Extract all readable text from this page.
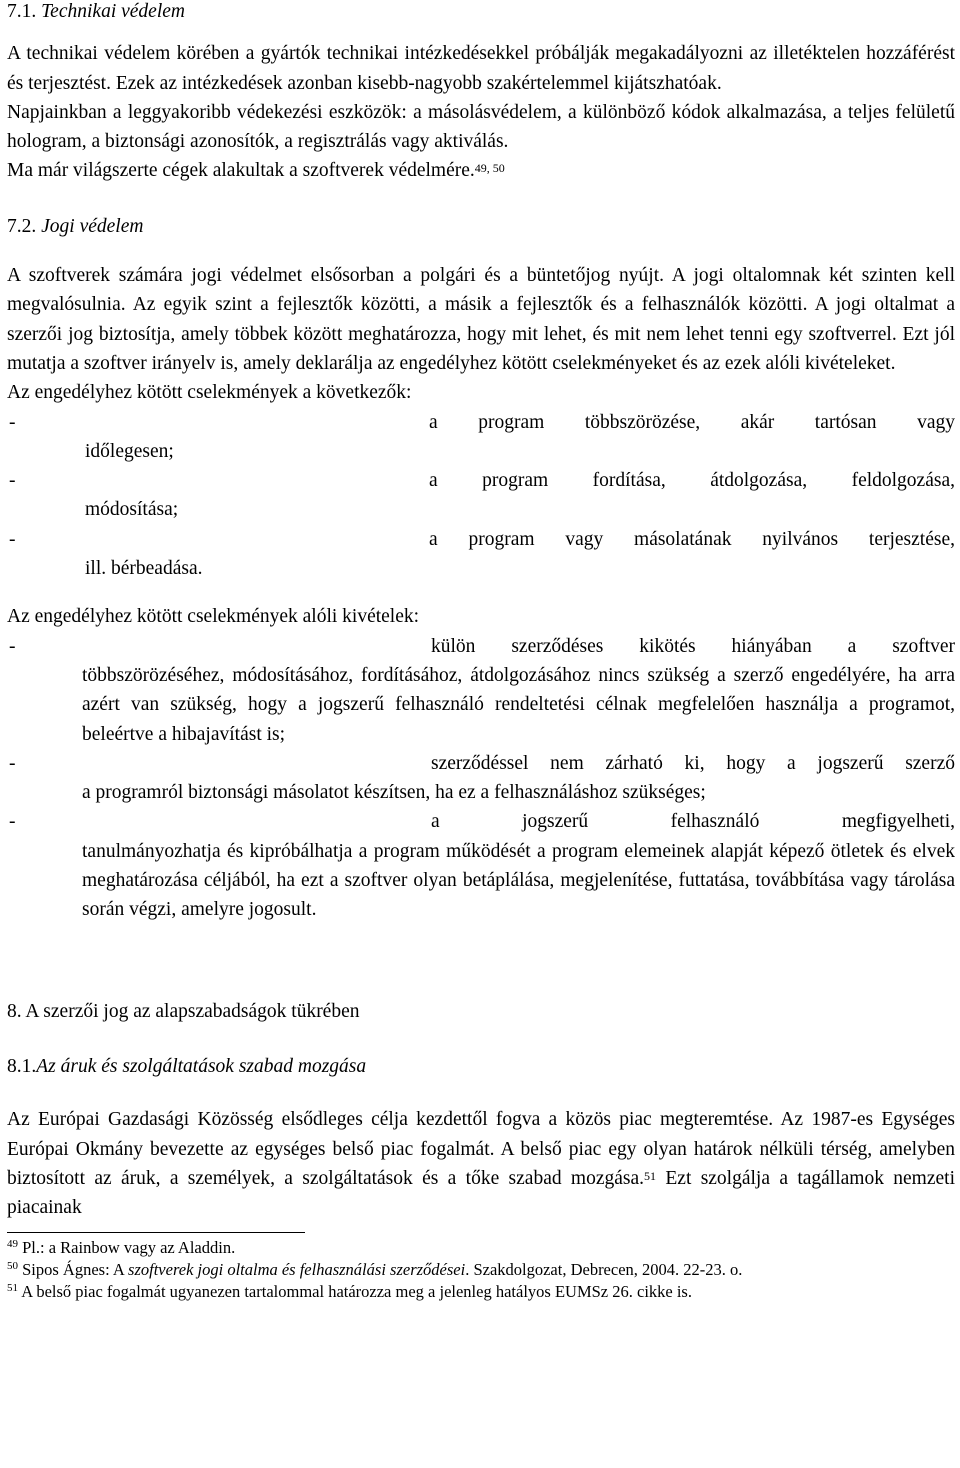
7.1. Technikai védelem

A technikai védelem körében a gyártók technikai intézkedésekkel próbálják megakadályozni az illetéktelen hozzáférést és terjesztést. Ezek az intézkedések azonban kisebb-nagyobb szakértelemmel kijátszhatóak.

Napjainkban a leggyakoribb védekezési eszközök: a másolásvédelem, a különböző kódok alkalmazása, a teljes felületű hologram, a biztonsági azonosítók, a regisztrálás vagy aktiválás.

Ma már világszerte cégek alakultak a szoftverek védelmére.$^{49, 50}$

7.2. Jogi védelem

A szoftverek számára jogi védelmet elsősorban a polgári és a büntetőjog nyújt. A jogi oltalomnak két szinten kell megvalósulnia. Az egyik szint a fejlesztők közötti, a másik a fejlesztők és a felhasználók közötti. A jogi oltalmat a szerzői jog biztosítja, amely többek között meghatározza, hogy mit lehet, és mit nem lehet tenni egy szoftverrel. Ezt jól mutatja a szoftver irányelv is, amely deklarálja az engedélyhez kötött cselekményeket és az ezek alóli kivételeket.

Az engedélyhez kötött cselekmények a következők:

-	a program többszörözése, akár tartósan vagy
időlegesen;
-	a program fordítása, átdolgozása, feldolgozása,
módosítása;
-	a program vagy másolatának nyilvános terjesztése,
ill. bérbeadása.

Az engedélyhez kötött cselekmények alóli kivételek:

-	külön szerződéses kikötés hiányában a szoftver
többszörözéséhez, módosításához, fordításához, átdolgozásához nincs szükség a szerző engedélyére, ha arra azért van szükség, hogy a jogszerű felhasználó rendeltetési célnak megfelelően használja a programot, beleértve a hibajavítást is;
-	szerződéssel nem zárható ki, hogy a jogszerű szerző
a programról biztonsági másolatot készítsen, ha ez a felhasználáshoz szükséges;
-	a jogszerű felhasználó megfigyelheti,
tanulmányozhatja és kipróbálhatja a program működését a program elemeinek alapját képező ötletek és elvek meghatározása céljából, ha ezt a szoftver olyan betáplálása, megjelenítése, futtatása, továbbítása vagy tárolása során végzi, amelyre jogosult.

8. A szerzői jog az alapszabadságok tükrében

8.1.Az áruk és szolgáltatások szabad mozgása

Az Európai Gazdasági Közösség elsődleges célja kezdettől fogva a közös piac megteremtése. Az 1987-es Egységes Európai Okmány bevezette az egységes belső piac fogalmát. A belső piac egy olyan határok nélküli térség, amelyben biztosított az áruk, a személyek, a szolgáltatások és a tőke szabad mozgása.$^{51}$ Ezt szolgálja a tagállamok nemzeti piacainak

$^{49}$ Pl.: a Rainbow vagy az Aladdin.

$^{50}$ Sipos Ágnes: A szoftverek jogi oltalma és felhasználási szerződései. Szakdolgozat, Debrecen, 2004. 22-23. o.

$^{51}$ A belső piac fogalmát ugyanezen tartalommal határozza meg a jelenleg hatályos EUMSz 26. cikke is.
